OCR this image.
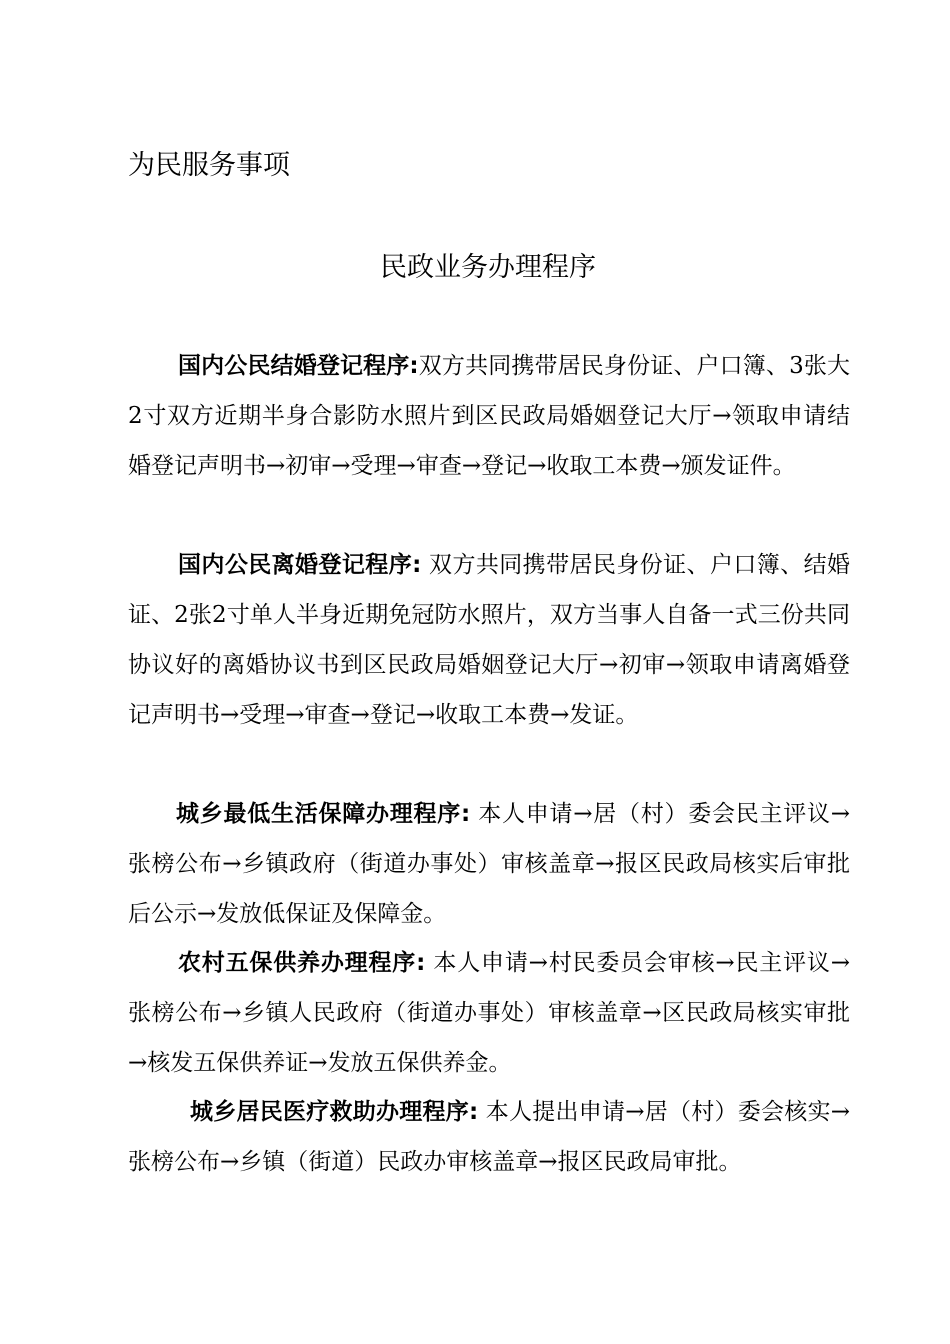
为民服务事项
民政业务办理程序

国内公民结婚登记程序:双方共同携带居民身份证、户口簿、3张大2寸双方近期半身合影防水照片到区民政局婚姻登记大厅→领取申请结婚登记声明书→初审→受理→审查→登记→收取工本费→颁发证件。

国内公民离婚登记程序: 双方共同携带居民身份证、户口簿、结婚证、2张2寸单人半身近期免冠防水照片，双方当事人自备一式三份共同协议好的离婚协议书到区民政局婚姻登记大厅→初审→领取申请离婚登记声明书→受理→审查→登记→收取工本费→发证。

城乡最低生活保障办理程序: 本人申请→居（村）委会民主评议→张榜公布→乡镇政府（街道办事处）审核盖章→报区民政局核实后审批后公示→发放低保证及保障金。

农村五保供养办理程序: 本人申请→村民委员会审核→民主评议→张榜公布→乡镇人民政府（街道办事处）审核盖章→区民政局核实审批→核发五保供养证→发放五保供养金。

城乡居民医疗救助办理程序: 本人提出申请→居（村）委会核实→张榜公布→乡镇（街道）民政办审核盖章→报区民政局审批。
